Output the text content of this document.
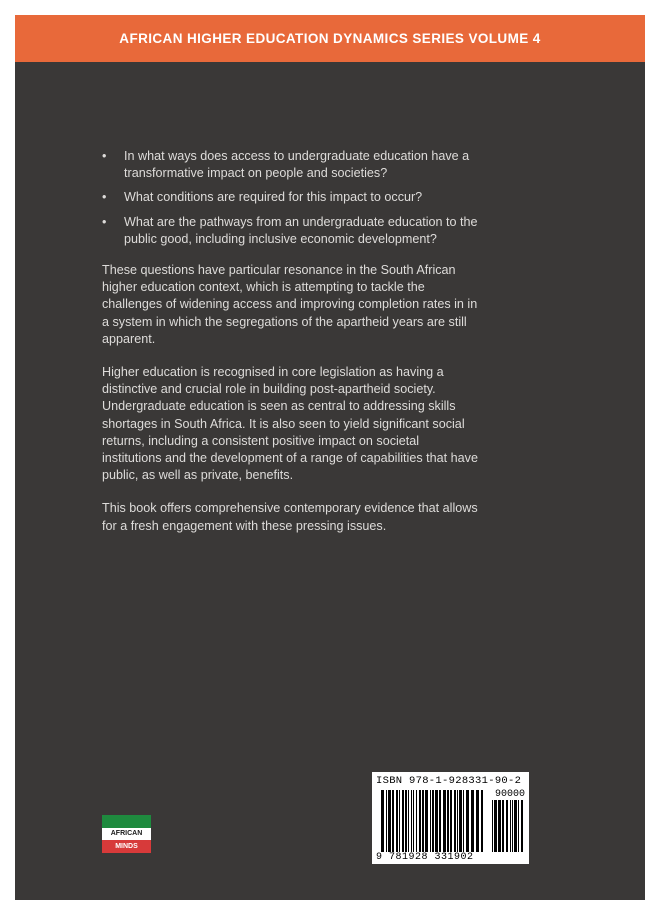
AFRICAN HIGHER EDUCATION DYNAMICS SERIES VOLUME 4
• In what ways does access to undergraduate education have a transformative impact on people and societies?
• What conditions are required for this impact to occur?
• What are the pathways from an undergraduate education to the public good, including inclusive economic development?

These questions have particular resonance in the South African higher education context, which is attempting to tackle the challenges of widening access and improving completion rates in in a system in which the segregations of the apartheid years are still apparent.

Higher education is recognised in core legislation as having a distinctive and crucial role in building post-apartheid society. Undergraduate education is seen as central to addressing skills shortages in South Africa. It is also seen to yield significant social returns, including a consistent positive impact on societal institutions and the development of a range of capabilities that have public, as well as private, benefits.

This book offers comprehensive contemporary evidence that allows for a fresh engagement with these pressing issues.

AFRICAN
MINDS
ISBN 978-1-928331-90-2
90000
9 781928 331902
